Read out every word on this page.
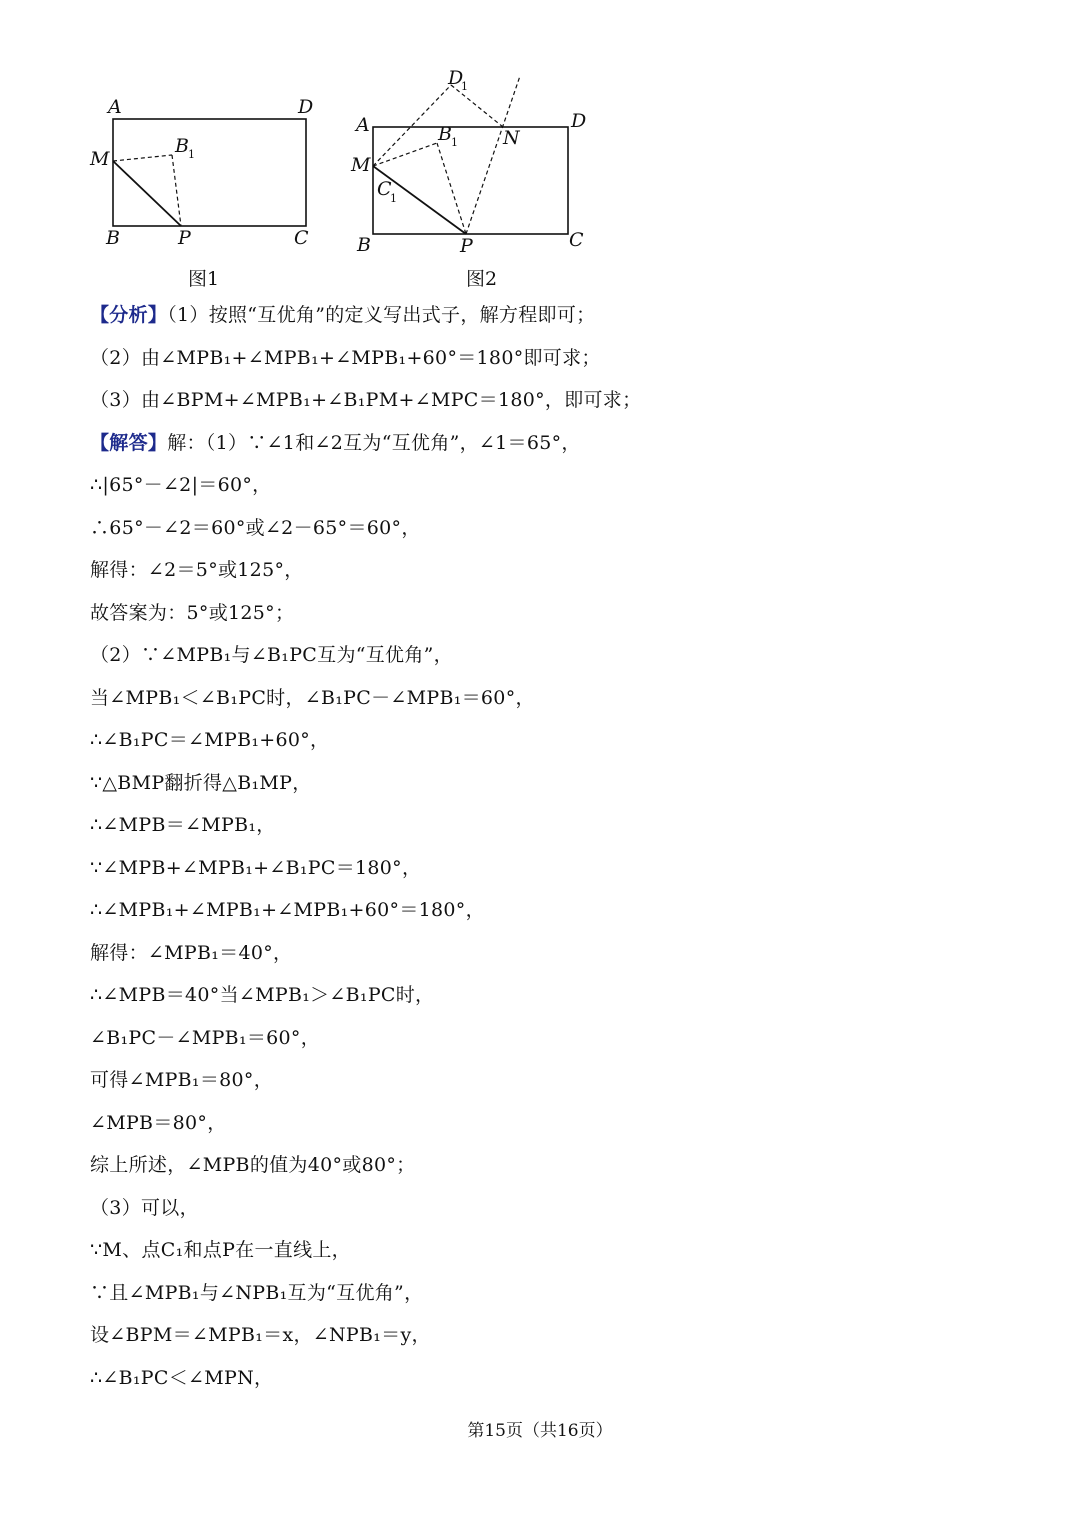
A	D
M
B 1
B	P	C
D
1
A	B 1 N
D
M
C
1
B	P	C
图1	图2
【分析】（1）按照“互优角”的定义写出式子，解方程即可；
（2）由∠MPB₁+∠MPB₁+∠MPB₁+60°＝180°即可求；
（3）由∠BPM+∠MPB₁+∠B₁PM+∠MPC＝180°，即可求；
【解答】解：（1）∵∠1和∠2互为“互优角”，∠1＝65°，
∴|65°－∠2|＝60°，
∴65°－∠2＝60°或∠2－65°＝60°，
解得：∠2＝5°或125°，
故答案为：5°或125°；
（2）∵∠MPB₁与∠B₁PC互为“互优角”，
当∠MPB₁＜∠B₁PC时，∠B₁PC－∠MPB₁＝60°，
∴∠B₁PC＝∠MPB₁+60°，
∵△BMP翻折得△B₁MP，
∴∠MPB＝∠MPB₁，
∵∠MPB+∠MPB₁+∠B₁PC＝180°，
∴∠MPB₁+∠MPB₁+∠MPB₁+60°＝180°，
解得：∠MPB₁＝40°，
∴∠MPB＝40°当∠MPB₁＞∠B₁PC时，
∠B₁PC－∠MPB₁＝60°，
可得∠MPB₁＝80°，
∠MPB＝80°，
综上所述，∠MPB的值为40°或80°；
（3）可以，
∵M、点C₁和点P在一直线上，
∵且∠MPB₁与∠NPB₁互为“互优角”，
设∠BPM＝∠MPB₁＝x，∠NPB₁＝y，
∴∠B₁PC＜∠MPN，
第15页（共16页）
